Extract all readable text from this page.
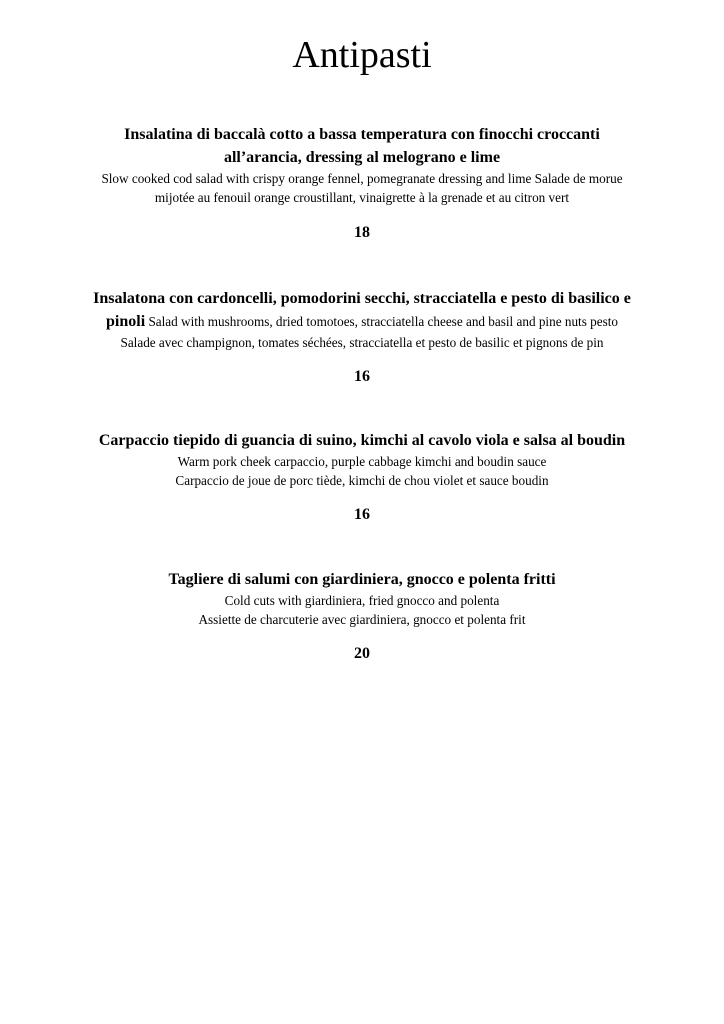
Antipasti
Insalatina di baccalà cotto a bassa temperatura con finocchi croccanti
all’arancia, dressing al melograno e lime
Slow cooked cod salad with crispy orange fennel, pomegranate dressing and lime Salade de morue
mijotée au fenouil orange croustillant, vinaigrette à la grenade et au citron vert
18
Insalatona con cardoncelli, pomodorini secchi, stracciatella e pesto di basilico e
pinoli Salad with mushrooms, dried tomotoes, stracciatella cheese and basil and pine nuts pesto
Salade avec champignon, tomates séchées, stracciatella et pesto de basilic et pignons de pin
16
Carpaccio tiepido di guancia di suino, kimchi al cavolo viola e salsa al boudin
Warm pork cheek carpaccio, purple cabbage kimchi and boudin sauce
Carpaccio de joue de porc tiède, kimchi de chou violet et sauce boudin
16
Tagliere di salumi con giardiniera, gnocco e polenta fritti
Cold cuts with giardiniera, fried gnocco and polenta
Assiette de charcuterie avec giardiniera, gnocco et polenta frit
20
